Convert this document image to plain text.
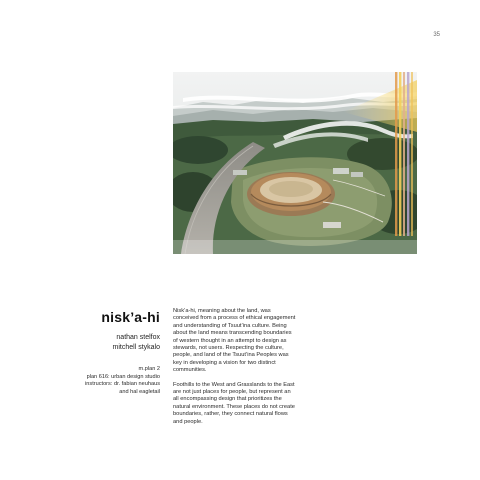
35
nisk’a-hi
nathan stelfox
mitchell stykalo
m.plan 2
plan 616: urban design studio
instructors: dr. fabian neuhaus
and hal eagletail

Nisk’a-hi, meaning about the land, was
conceived from a process of ethical engagement
and understanding of Tsuut’ina culture. Being
about the land means transcending boundaries
of western thought in an attempt to design as
stewards, not users. Respecting the culture,
people, and land of the Tsuut’ina Peoples was
key in developing a vision for two distinct
communities.

Foothills to the West and Grasslands to the East
are not just places for people, but represent an
all encompassing design that prioritizes the
natural environment. These places do not create
boundaries, rather, they connect natural flows
and people.
